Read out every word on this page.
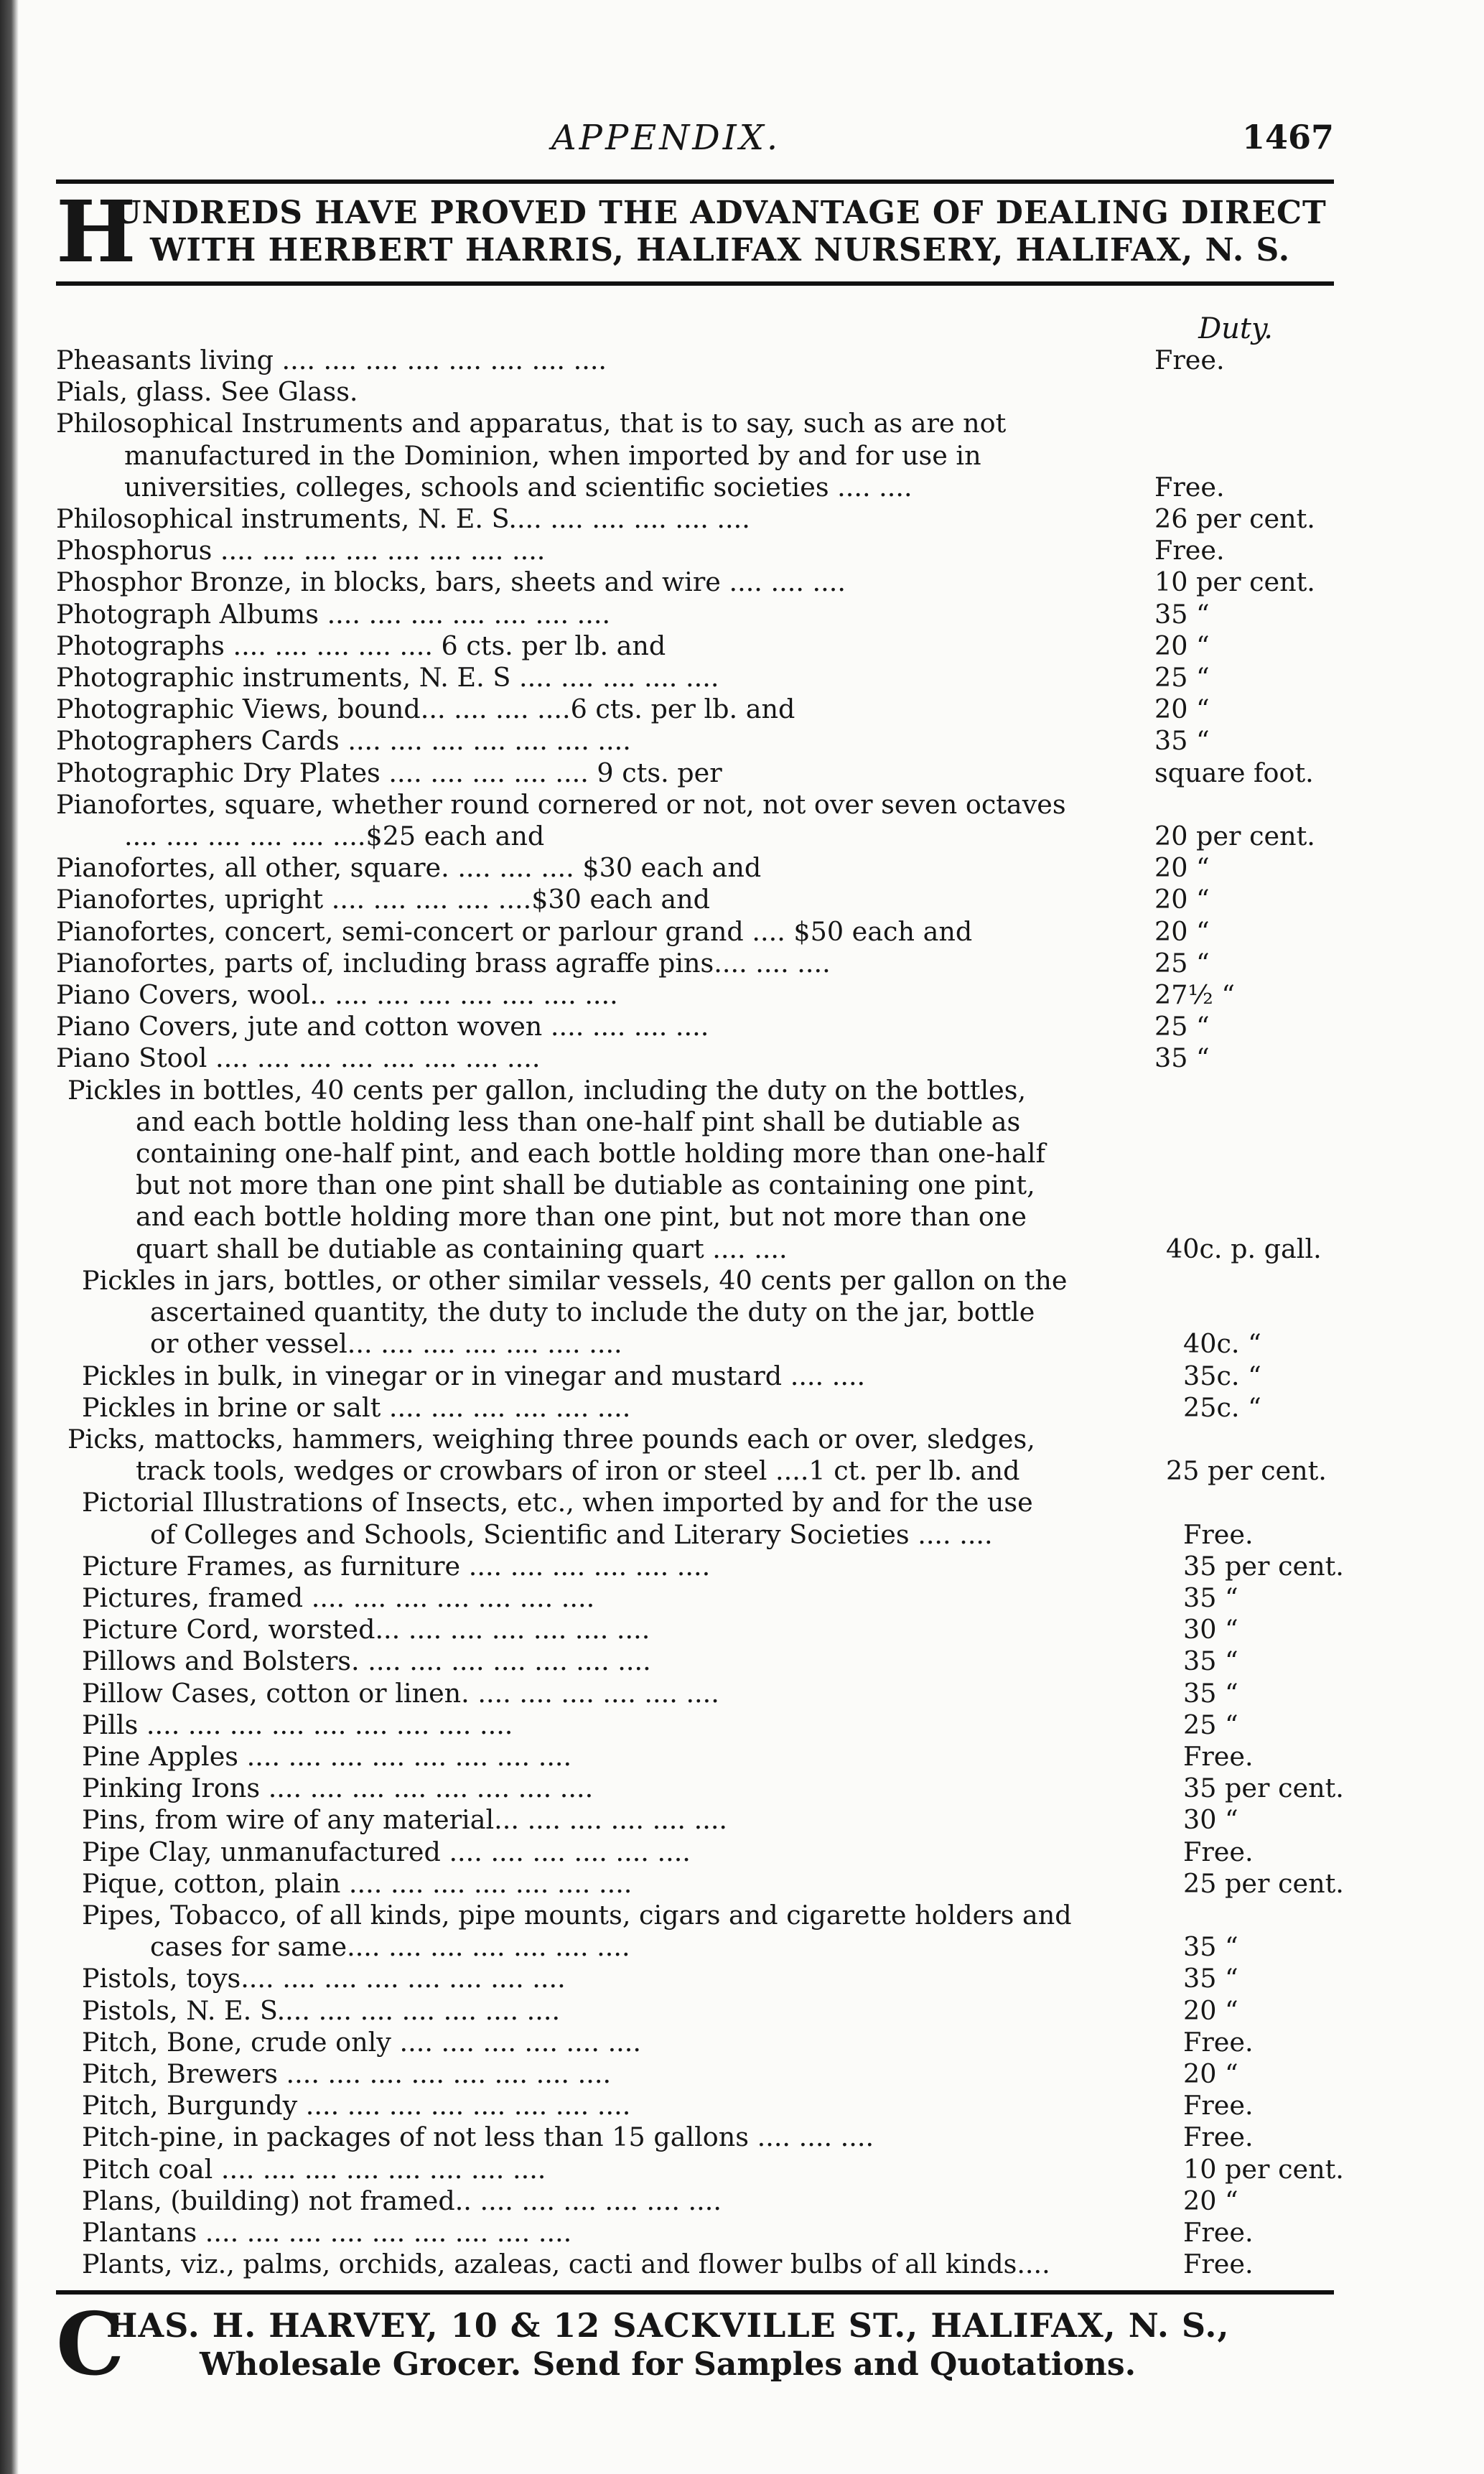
APPENDIX.	1467
H
UNDREDS HAVE PROVED THE ADVANTAGE OF DEALING DIRECT
WITH HERBERT HARRIS, HALIFAX NURSERY, HALIFAX, N. S.
Duty.
Pheasants living .... .... .... .... .... .... .... ....	Free.
Pials, glass. See Glass.
Philosophical Instruments and apparatus, that is to say, such as are not
manufactured in the Dominion, when imported by and for use in
universities, colleges, schools and scientific societies .... ....	Free.
Philosophical instruments, N. E. S.... .... .... .... .... ....	26 per cent.
Phosphorus .... .... .... .... .... .... .... ....	Free.
Phosphor Bronze, in blocks, bars, sheets and wire .... .... ....	10 per cent.
Photograph Albums .... .... .... .... .... .... ....	35 “
Photographs .... .... .... .... .... 6 cts. per lb. and	20 “
Photographic instruments, N. E. S .... .... .... .... ....	25 “
Photographic Views, bound... .... .... ....6 cts. per lb. and	20 “
Photographers Cards .... .... .... .... .... .... ....	35 “
Photographic Dry Plates .... .... .... .... .... 9 cts. per	square foot.
Pianofortes, square, whether round cornered or not, not over seven octaves
.... .... .... .... .... ....$25 each and	20 per cent.
Pianofortes, all other, square. .... .... .... $30 each and	20 “
Pianofortes, upright .... .... .... .... ....$30 each and	20 “
Pianofortes, concert, semi-concert or parlour grand .... $50 each and	20 “
Pianofortes, parts of, including brass agraffe pins.... .... ....	25 “
Piano Covers, wool.. .... .... .... .... .... .... ....	27½ “
Piano Covers, jute and cotton woven .... .... .... ....	25 “
Piano Stool .... .... .... .... .... .... .... ....	35 “
Pickles in bottles, 40 cents per gallon, including the duty on the bottles,
and each bottle holding less than one-half pint shall be dutiable as
containing one-half pint, and each bottle holding more than one-half
but not more than one pint shall be dutiable as containing one pint,
and each bottle holding more than one pint, but not more than one
quart shall be dutiable as containing quart .... ....	40c. p. gall.
Pickles in jars, bottles, or other similar vessels, 40 cents per gallon on the
ascertained quantity, the duty to include the duty on the jar, bottle
or other vessel... .... .... .... .... .... ....	40c. “
Pickles in bulk, in vinegar or in vinegar and mustard .... ....	35c. “
Pickles in brine or salt .... .... .... .... .... ....	25c. “
Picks, mattocks, hammers, weighing three pounds each or over, sledges,
track tools, wedges or crowbars of iron or steel ....1 ct. per lb. and	25 per cent.
Pictorial Illustrations of Insects, etc., when imported by and for the use
of Colleges and Schools, Scientific and Literary Societies .... ....	Free.
Picture Frames, as furniture .... .... .... .... .... ....	35 per cent.
Pictures, framed .... .... .... .... .... .... ....	35 “
Picture Cord, worsted... .... .... .... .... .... ....	30 “
Pillows and Bolsters. .... .... .... .... .... .... ....	35 “
Pillow Cases, cotton or linen. .... .... .... .... .... ....	35 “
Pills .... .... .... .... .... .... .... .... ....	25 “
Pine Apples .... .... .... .... .... .... .... ....	Free.
Pinking Irons .... .... .... .... .... .... .... ....	35 per cent.
Pins, from wire of any material... .... .... .... .... ....	30 “
Pipe Clay, unmanufactured .... .... .... .... .... ....	Free.
Pique, cotton, plain .... .... .... .... .... .... ....	25 per cent.
Pipes, Tobacco, of all kinds, pipe mounts, cigars and cigarette holders and
cases for same.... .... .... .... .... .... ....	35 “
Pistols, toys.... .... .... .... .... .... .... ....	35 “
Pistols, N. E. S.... .... .... .... .... .... ....	20 “
Pitch, Bone, crude only .... .... .... .... .... ....	Free.
Pitch, Brewers .... .... .... .... .... .... .... ....	20 “
Pitch, Burgundy .... .... .... .... .... .... .... ....	Free.
Pitch-pine, in packages of not less than 15 gallons .... .... ....	Free.
Pitch coal .... .... .... .... .... .... .... ....	10 per cent.
Plans, (building) not framed.. .... .... .... .... .... ....	20 “
Plantans .... .... .... .... .... .... .... .... ....	Free.
Plants, viz., palms, orchids, azaleas, cacti and flower bulbs of all kinds....	Free.
C
HAS. H. HARVEY, 10 & 12 SACKVILLE ST., HALIFAX, N. S.,
Wholesale Grocer. Send for Samples and Quotations.
